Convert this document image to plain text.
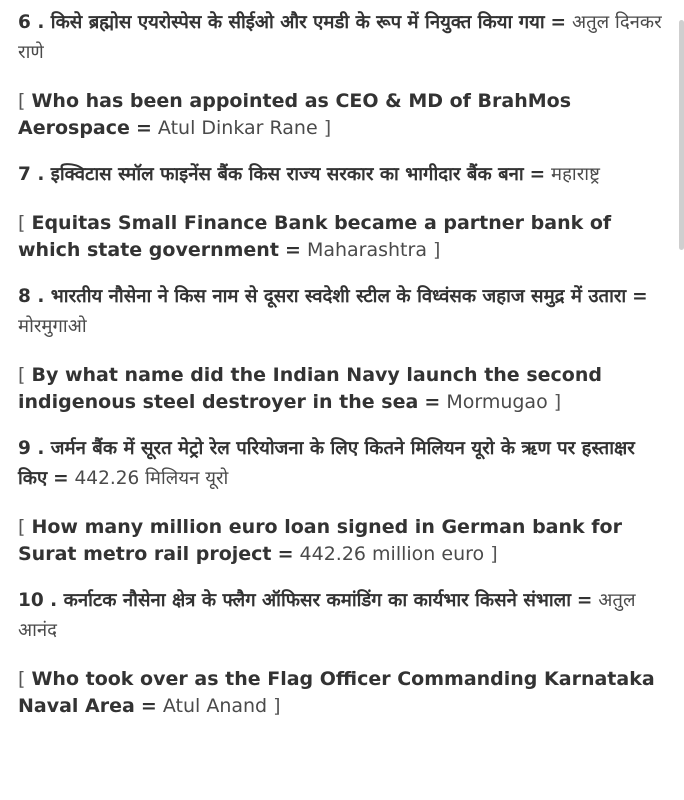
6 . किसे ब्रह्मोस एयरोस्पेस के सीईओ और एमडी के रूप में नियुक्त किया गया = अतुल दिनकर राणे

[ Who has been appointed as CEO & MD of BrahMos Aerospace = Atul Dinkar Rane ]

7 . इक्विटास स्मॉल फाइनेंस बैंक किस राज्य सरकार का भागीदार बैंक बना = महाराष्ट्र

[ Equitas Small Finance Bank became a partner bank of which state government = Maharashtra ]

8 . भारतीय नौसेना ने किस नाम से दूसरा स्वदेशी स्टील के विध्वंसक जहाज समुद्र में उतारा = मोरमुगाओ

[ By what name did the Indian Navy launch the second indigenous steel destroyer in the sea = Mormugao ]

9 . जर्मन बैंक में सूरत मेट्रो रेल परियोजना के लिए कितने मिलियन यूरो के ऋण पर हस्ताक्षर किए = 442.26 मिलियन यूरो

[ How many million euro loan signed in German bank for Surat metro rail project = 442.26 million euro ]

10 . कर्नाटक नौसेना क्षेत्र के फ्लैग ऑफिसर कमांडिंग का कार्यभार किसने संभाला = अतुल आनंद

[ Who took over as the Flag Officer Commanding Karnataka Naval Area = Atul Anand ]
